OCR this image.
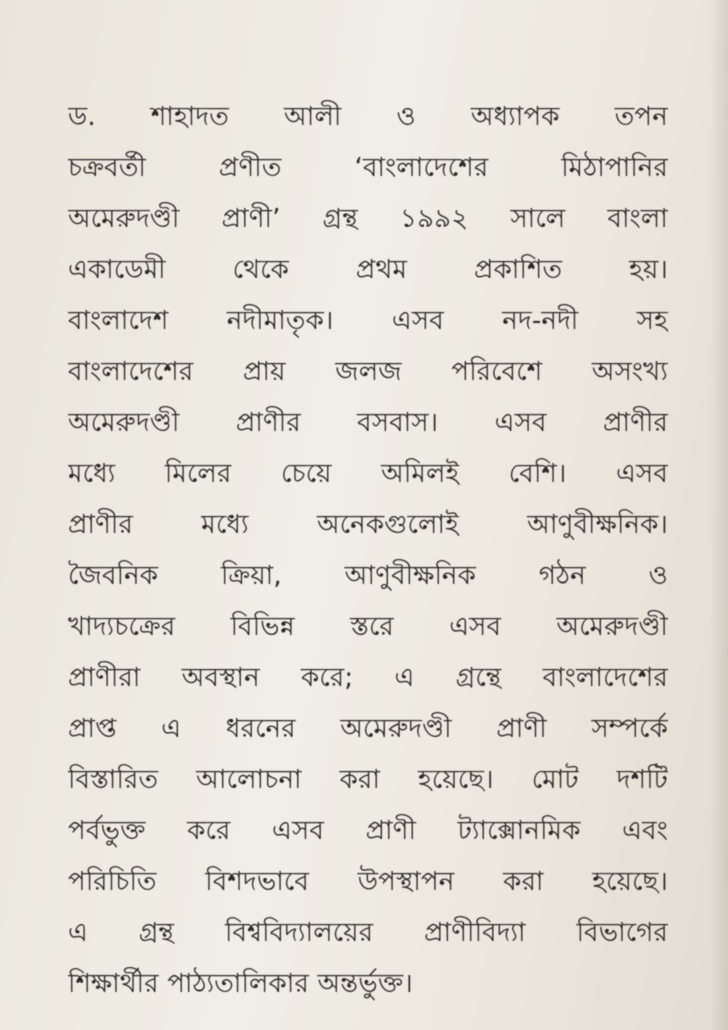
ড. শাহাদত আলী ও অধ্যাপক তপন
চক্রবর্তী প্রণীত ‘বাংলাদেশের মিঠাপানির
অমেরুদণ্ডী প্রাণী’ গ্রন্থ ১৯৯২ সালে বাংলা
একাডেমী থেকে প্রথম প্রকাশিত হয়।
বাংলাদেশ নদীমাতৃক। এসব নদ-নদী সহ
বাংলাদেশের প্রায় জলজ পরিবেশে অসংখ্য
অমেরুদণ্ডী প্রাণীর বসবাস। এসব প্রাণীর
মধ্যে মিলের চেয়ে অমিলই বেশি। এসব
প্রাণীর মধ্যে অনেকগুলোই আণুবীক্ষনিক।
জৈবনিক ক্রিয়া, আণুবীক্ষনিক গঠন ও
খাদ্যচক্রের বিভিন্ন স্তরে এসব অমেরুদণ্ডী
প্রাণীরা অবস্থান করে; এ গ্রন্থে বাংলাদেশের
প্রাপ্ত এ ধরনের অমেরুদণ্ডী প্রাণী সম্পর্কে
বিস্তারিত আলোচনা করা হয়েছে। মোট দশটি
পর্বভুক্ত করে এসব প্রাণী ট্যাক্সোনমিক এবং
পরিচিতি বিশদভাবে উপস্থাপন করা হয়েছে।
এ গ্রন্থ বিশ্ববিদ্যালয়ের প্রাণীবিদ্যা বিভাগের
শিক্ষার্থীর পাঠ্যতালিকার অন্তর্ভুক্ত।
